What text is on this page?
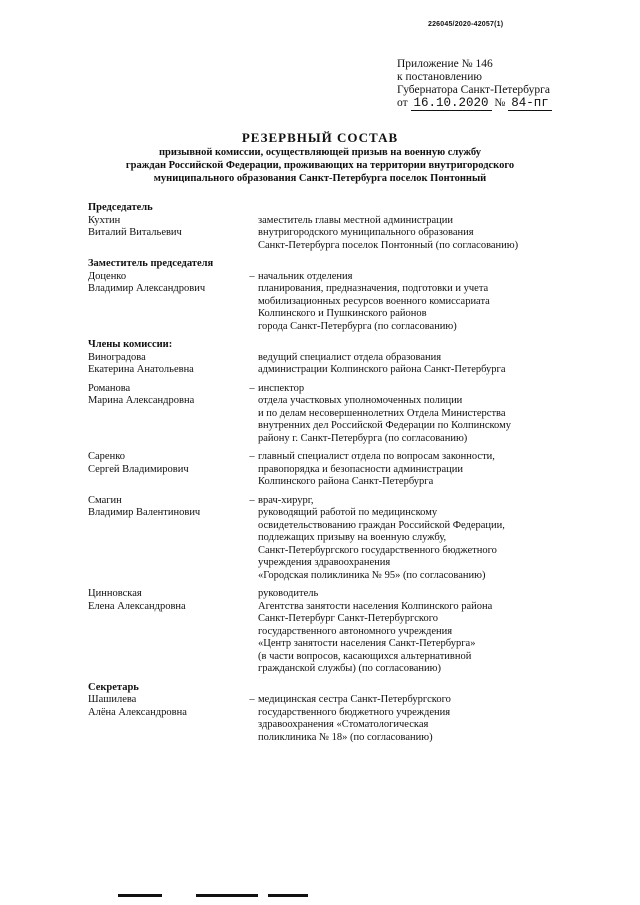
226045/2020-42057(1)
Приложение № 146
к постановлению
Губернатора Санкт-Петербурга
от
16.10.2020
№
84-пг
РЕЗЕРВНЫЙ СОСТАВ
призывной комиссии, осуществляющей призыв на военную службу
граждан Российской Федерации, проживающих на территории внутригородского
муниципального образования Санкт-Петербурга поселок Понтонный
Председатель
Кухтин
Виталий Витальевич
заместитель главы местной администрации
внутригородского муниципального образования
Санкт-Петербурга поселок Понтонный (по согласованию)
Заместитель председателя
Доценко
Владимир Александрович
– начальник отделения
планирования, предназначения, подготовки и учета
мобилизационных ресурсов военного комиссариата
Колпинского и Пушкинского районов
города Санкт-Петербурга (по согласованию)
Члены комиссии:
Виноградова
Екатерина Анатольевна
ведущий специалист отдела образования
администрации Колпинского района Санкт-Петербурга
Романова
Марина Александровна
– инспектор
отдела участковых уполномоченных полиции
и по делам несовершеннолетних Отдела Министерства
внутренних дел Российской Федерации по Колпинскому
району г. Санкт-Петербурга (по согласованию)
Саренко
Сергей Владимирович
– главный специалист отдела по вопросам законности,
правопорядка и безопасности администрации
Колпинского района Санкт-Петербурга
Смагин
Владимир Валентинович
– врач-хирург,
руководящий работой по медицинскому
освидетельствованию граждан Российской Федерации,
подлежащих призыву на военную службу,
Санкт-Петербургского государственного бюджетного
учреждения здравоохранения
«Городская поликлиника № 95» (по согласованию)
Цинновская
Елена Александровна
руководитель
Агентства занятости населения Колпинского района
Санкт-Петербург Санкт-Петербургского
государственного автономного учреждения
«Центр занятости населения Санкт-Петербурга»
(в части вопросов, касающихся альтернативной
гражданской службы) (по согласованию)
Секретарь
Шашилева
Алёна Александровна
– медицинская сестра Санкт-Петербургского
государственного бюджетного учреждения
здравоохранения «Стоматологическая
поликлиника № 18» (по согласованию)
